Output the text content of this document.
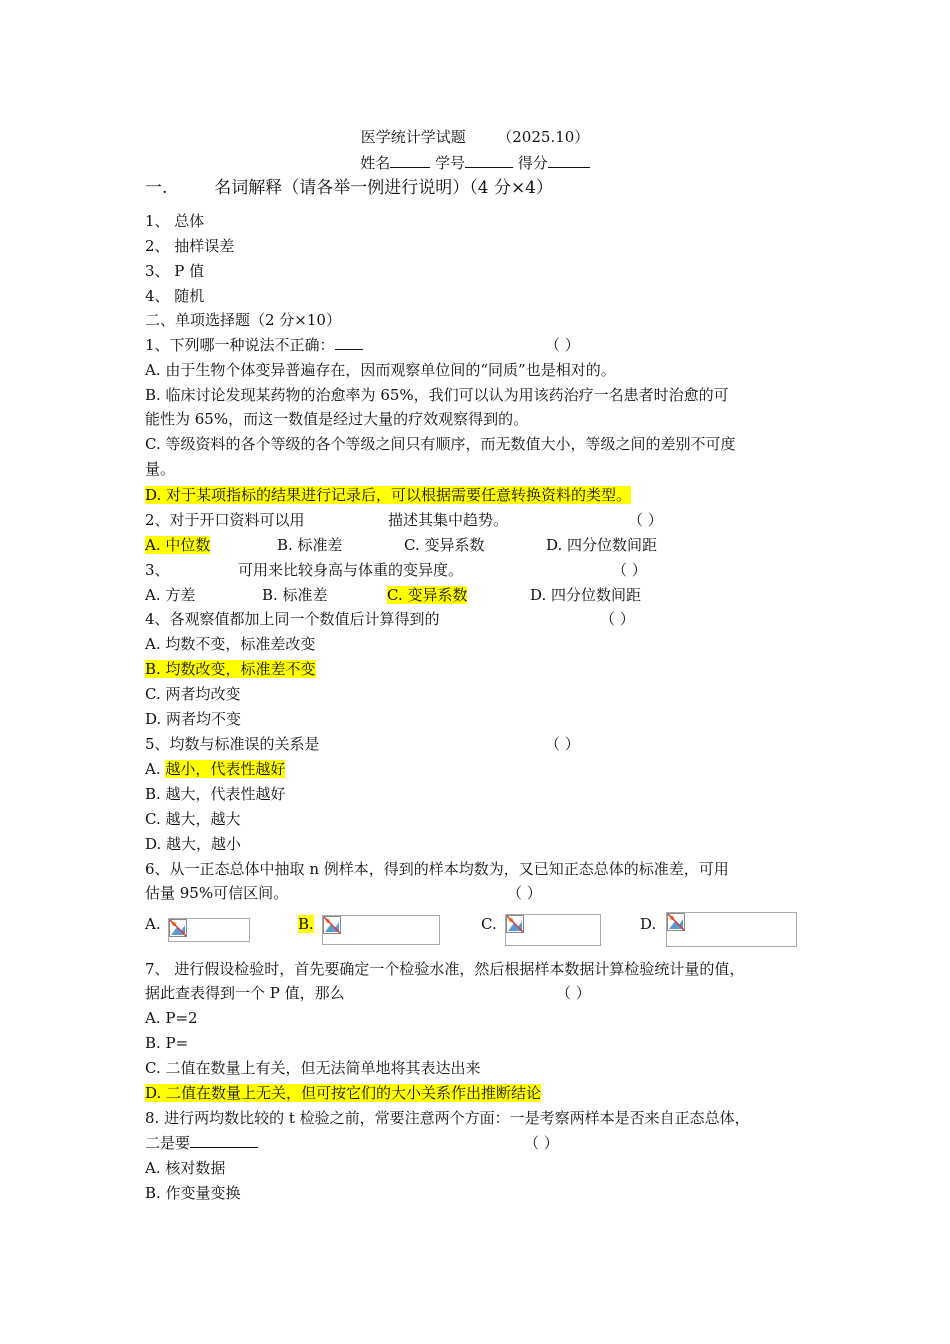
医学统计学试题 （2025.10）
姓名	学号	得分
一.	名词解释（请各举一例进行说明）（4 分×4）
1、 总体
2、 抽样误差
3、 P 值
4、 随机
二、单项选择题（2 分×10）
1、下列哪一种说法不正确：	（ ）
A. 由于生物个体变异普遍存在，因而观察单位间的“同质”也是相对的。
B. 临床讨论发现某药物的治愈率为 65%，我们可以认为用该药治疗一名患者时治愈的可
能性为 65%，而这一数值是经过大量的疗效观察得到的。
C. 等级资料的各个等级的各个等级之间只有顺序，而无数值大小，等级之间的差别不可度
量。
D. 对于某项指标的结果进行记录后，可以根据需要任意转换资料的类型。
2、对于开口资料可以用	描述其集中趋势。	（ ）
A. 中位数	B. 标准差	C. 变异系数	D. 四分位数间距
3、	可用来比较身高与体重的变异度。	（ ）
A. 方差	B. 标准差	C. 变异系数	D. 四分位数间距
4、各观察值都加上同一个数值后计算得到的	（ ）
A. 均数不变，标准差改变
B. 均数改变，标准差不变
C. 两者均改变
D. 两者均不变
5、均数与标准误的关系是	（ ）
A. 越小，代表性越好
B. 越大，代表性越好
C. 越大，越大
D. 越大，越小
6、从一正态总体中抽取 n 例样本，得到的样本均数为，又已知正态总体的标准差，可用
估量 95%可信区间。	（ ）
A.	B.	C.	D.
7、 进行假设检验时，首先要确定一个检验水准，然后根据样本数据计算检验统计量的值，
据此查表得到一个 P 值，那么	（ ）
A. P=2
B. P=
C. 二值在数量上有关，但无法简单地将其表达出来
D. 二值在数量上无关，但可按它们的大小关系作出推断结论
8. 进行两均数比较的 t 检验之前，常要注意两个方面：一是考察两样本是否来自正态总体，
二是要	（ ）
A. 核对数据
B. 作变量变换
